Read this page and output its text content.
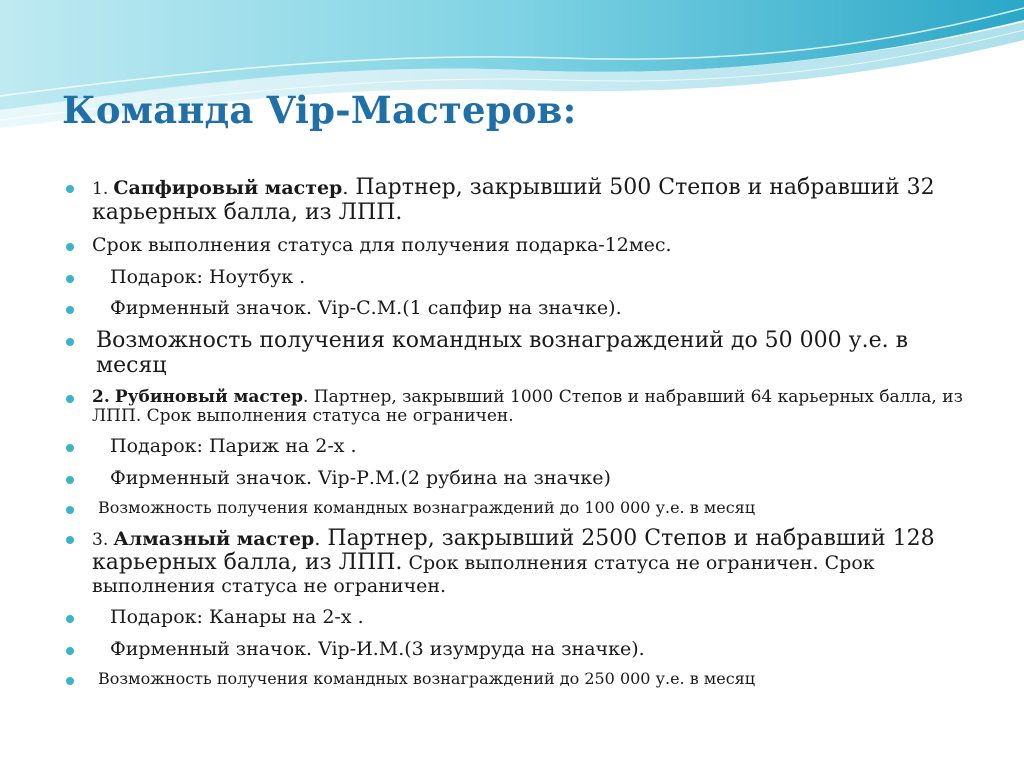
Команда Vip-Мастеров:
1. Сапфировый мастер. Партнер, закрывший 500 Степов и набравший 32 карьерных балла, из ЛПП.
Срок выполнения статуса для получения подарка-12мес.
Подарок: Ноутбук .
Фирменный значок. Vip-С.М.(1 сапфир на значке).
Возможность получения командных вознаграждений до 50 000 у.е. в месяц
2. Рубиновый мастер. Партнер, закрывший 1000 Степов и набравший 64 карьерных балла, из ЛПП. Срок выполнения статуса не ограничен.
Подарок: Париж на 2-х .
Фирменный значок. Vip-Р.М.(2 рубина на значке)
Возможность получения командных вознаграждений до 100 000 у.е. в месяц
3. Алмазный мастер. Партнер, закрывший 2500 Степов и набравший 128 карьерных балла, из ЛПП. Срок выполнения статуса не ограничен. Срок выполнения статуса не ограничен.
Подарок: Канары на 2-х .
Фирменный значок. Vip-И.М.(3 изумруда на значке).
Возможность получения командных вознаграждений до 250 000 у.е. в месяц
